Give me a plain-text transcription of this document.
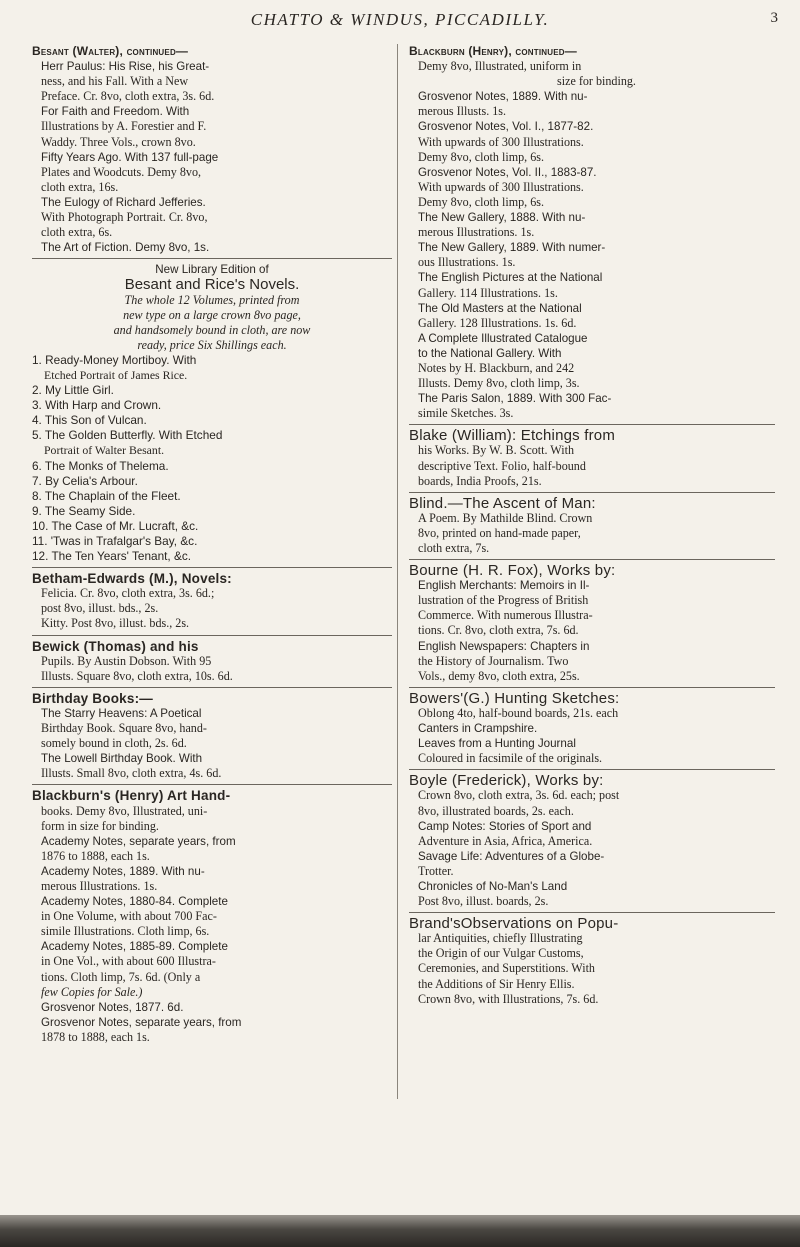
CHATTO & WINDUS, PICCADILLY.	3
Besant (Walter), continued—
Herr Paulus: His Rise, his Great-
ness, and his Fall. With a New
Preface. Cr. 8vo, cloth extra, 3s. 6d.
For Faith and Freedom. With
Illustrations by A. Forestier and F.
Waddy. Three Vols., crown 8vo.
Fifty Years Ago. With 137 full-page
Plates and Woodcuts. Demy 8vo,
cloth extra, 16s.
The Eulogy of Richard Jefferies.
With Photograph Portrait. Cr. 8vo,
cloth extra, 6s.
The Art of Fiction. Demy 8vo, 1s.
New Library Edition of
Besant and Rice's Novels.
The whole 12 Volumes, printed from
new type on a large crown 8vo page,
and handsomely bound in cloth, are now
ready, price Six Shillings each.
1. Ready-Money Mortiboy. With
Etched Portrait of James Rice.
2. My Little Girl.
3. With Harp and Crown.
4. This Son of Vulcan.
5. The Golden Butterfly. With Etched
Portrait of Walter Besant.
6. The Monks of Thelema.
7. By Celia's Arbour.
8. The Chaplain of the Fleet.
9. The Seamy Side.
10. The Case of Mr. Lucraft, &c.
11. 'Twas in Trafalgar's Bay, &c.
12. The Ten Years' Tenant, &c.
Betham-Edwards (M.), Novels:
Felicia. Cr. 8vo, cloth extra, 3s. 6d.;
post 8vo, illust. bds., 2s.
Kitty. Post 8vo, illust. bds., 2s.
Bewick (Thomas) and his
Pupils. By Austin Dobson. With 95
Illusts. Square 8vo, cloth extra, 10s. 6d.
Birthday Books:—
The Starry Heavens: A Poetical
Birthday Book. Square 8vo, hand-
somely bound in cloth, 2s. 6d.
The Lowell Birthday Book. With
Illusts. Small 8vo, cloth extra, 4s. 6d.
Blackburn's (Henry) Art Hand-
books. Demy 8vo, Illustrated, uni-
form in size for binding.
Academy Notes, separate years, from
1876 to 1888, each 1s.
Academy Notes, 1889. With nu-
merous Illustrations. 1s.
Academy Notes, 1880-84. Complete
in One Volume, with about 700 Fac-
simile Illustrations. Cloth limp, 6s.
Academy Notes, 1885-89. Complete
in One Vol., with about 600 Illustra-
tions. Cloth limp, 7s. 6d. (Only a
few Copies for Sale.)
Grosvenor Notes, 1877. 6d.
Grosvenor Notes, separate years, from
1878 to 1888, each 1s.
Blackburn (Henry), continued—
Demy 8vo, Illustrated, uniform in
size for binding.
Grosvenor Notes, 1889. With nu-
merous Illusts. 1s.
Grosvenor Notes, Vol. I., 1877-82.
With upwards of 300 Illustrations.
Demy 8vo, cloth limp, 6s.
Grosvenor Notes, Vol. II., 1883-87.
With upwards of 300 Illustrations.
Demy 8vo, cloth limp, 6s.
The New Gallery, 1888. With nu-
merous Illustrations. 1s.
The New Gallery, 1889. With numer-
ous Illustrations. 1s.
The English Pictures at the National
Gallery. 114 Illustrations. 1s.
The Old Masters at the National
Gallery. 128 Illustrations. 1s. 6d.
A Complete Illustrated Catalogue
to the National Gallery. With
Notes by H. Blackburn, and 242
Illusts. Demy 8vo, cloth limp, 3s.
The Paris Salon, 1889. With 300 Fac-
simile Sketches. 3s.
Blake (William): Etchings from
his Works. By W. B. Scott. With
descriptive Text. Folio, half-bound
boards, India Proofs, 21s.
Blind.—The Ascent of Man:
A Poem. By Mathilde Blind. Crown
8vo, printed on hand-made paper,
cloth extra, 7s.
Bourne (H. R. Fox), Works by:
English Merchants: Memoirs in Il-
lustration of the Progress of British
Commerce. With numerous Illustra-
tions. Cr. 8vo, cloth extra, 7s. 6d.
English Newspapers: Chapters in
the History of Journalism. Two
Vols., demy 8vo, cloth extra, 25s.
Bowers'(G.) Hunting Sketches:
Oblong 4to, half-bound boards, 21s. each
Canters in Crampshire.
Leaves from a Hunting Journal
Coloured in facsimile of the originals.
Boyle (Frederick), Works by:
Crown 8vo, cloth extra, 3s. 6d. each; post
8vo, illustrated boards, 2s. each.
Camp Notes: Stories of Sport and
Adventure in Asia, Africa, America.
Savage Life: Adventures of a Globe-
Trotter.
Chronicles of No-Man's Land
Post 8vo, illust. boards, 2s.
Brand'sObservations on Popu-
lar Antiquities, chiefly Illustrating
the Origin of our Vulgar Customs,
Ceremonies, and Superstitions. With
the Additions of Sir Henry Ellis.
Crown 8vo, with Illustrations, 7s. 6d.
